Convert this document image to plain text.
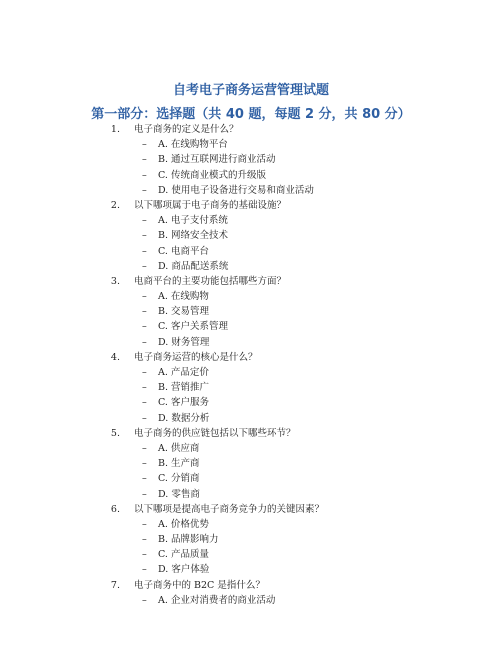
自考电子商务运营管理试题
第一部分：选择题（共 40 题，每题 2 分，共 80 分）
1. 电子商务的定义是什么？
– A. 在线购物平台
– B. 通过互联网进行商业活动
– C. 传统商业模式的升级版
– D. 使用电子设备进行交易和商业活动
2. 以下哪项属于电子商务的基础设施？
– A. 电子支付系统
– B. 网络安全技术
– C. 电商平台
– D. 商品配送系统
3. 电商平台的主要功能包括哪些方面？
– A. 在线购物
– B. 交易管理
– C. 客户关系管理
– D. 财务管理
4. 电子商务运营的核心是什么？
– A. 产品定价
– B. 营销推广
– C. 客户服务
– D. 数据分析
5. 电子商务的供应链包括以下哪些环节？
– A. 供应商
– B. 生产商
– C. 分销商
– D. 零售商
6. 以下哪项是提高电子商务竞争力的关键因素？
– A. 价格优势
– B. 品牌影响力
– C. 产品质量
– D. 客户体验
7. 电子商务中的 B2C 是指什么？
– A. 企业对消费者的商业活动
